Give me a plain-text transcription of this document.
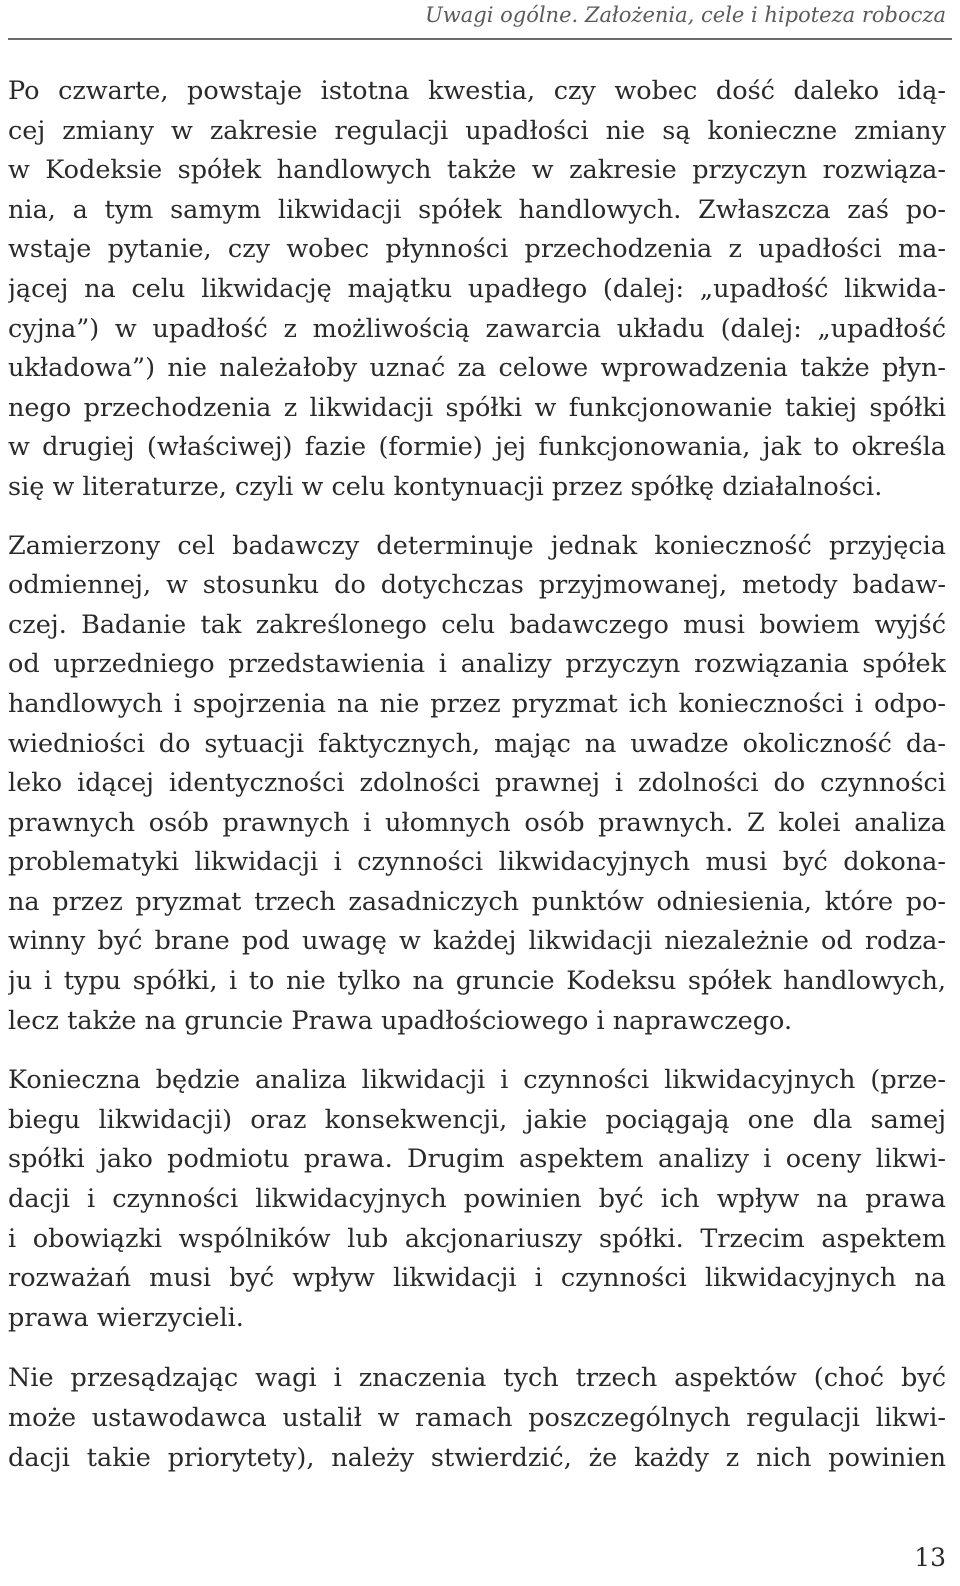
Uwagi ogólne. Założenia, cele i hipoteza robocza

Po czwarte, powstaje istotna kwestia, czy wobec dość daleko idą-
cej zmiany w zakresie regulacji upadłości nie są konieczne zmiany
w Kodeksie spółek handlowych także w zakresie przyczyn rozwiąza-
nia, a tym samym likwidacji spółek handlowych. Zwłaszcza zaś po-
wstaje pytanie, czy wobec płynności przechodzenia z upadłości ma-
jącej na celu likwidację majątku upadłego (dalej: „upadłość likwida-
cyjna”) w upadłość z możliwością zawarcia układu (dalej: „upadłość
układowa”) nie należałoby uznać za celowe wprowadzenia także płyn-
nego przechodzenia z likwidacji spółki w funkcjonowanie takiej spółki
w drugiej (właściwej) fazie (formie) jej funkcjonowania, jak to określa
się w literaturze, czyli w celu kontynuacji przez spółkę działalności.

Zamierzony cel badawczy determinuje jednak konieczność przyjęcia
odmiennej, w stosunku do dotychczas przyjmowanej, metody badaw-
czej. Badanie tak zakreślonego celu badawczego musi bowiem wyjść
od uprzedniego przedstawienia i analizy przyczyn rozwiązania spółek
handlowych i spojrzenia na nie przez pryzmat ich konieczności i odpo-
wiedniości do sytuacji faktycznych, mając na uwadze okoliczność da-
leko idącej identyczności zdolności prawnej i zdolności do czynności
prawnych osób prawnych i ułomnych osób prawnych. Z kolei analiza
problematyki likwidacji i czynności likwidacyjnych musi być dokona-
na przez pryzmat trzech zasadniczych punktów odniesienia, które po-
winny być brane pod uwagę w każdej likwidacji niezależnie od rodza-
ju i typu spółki, i to nie tylko na gruncie Kodeksu spółek handlowych,
lecz także na gruncie Prawa upadłościowego i naprawczego.

Konieczna będzie analiza likwidacji i czynności likwidacyjnych (prze-
biegu likwidacji) oraz konsekwencji, jakie pociągają one dla samej
spółki jako podmiotu prawa. Drugim aspektem analizy i oceny likwi-
dacji i czynności likwidacyjnych powinien być ich wpływ na prawa
i obowiązki wspólników lub akcjonariuszy spółki. Trzecim aspektem
rozważań musi być wpływ likwidacji i czynności likwidacyjnych na
prawa wierzycieli.

Nie przesądzając wagi i znaczenia tych trzech aspektów (choć być
może ustawodawca ustalił w ramach poszczególnych regulacji likwi-
dacji takie priorytety), należy stwierdzić, że każdy z nich powinien

13
